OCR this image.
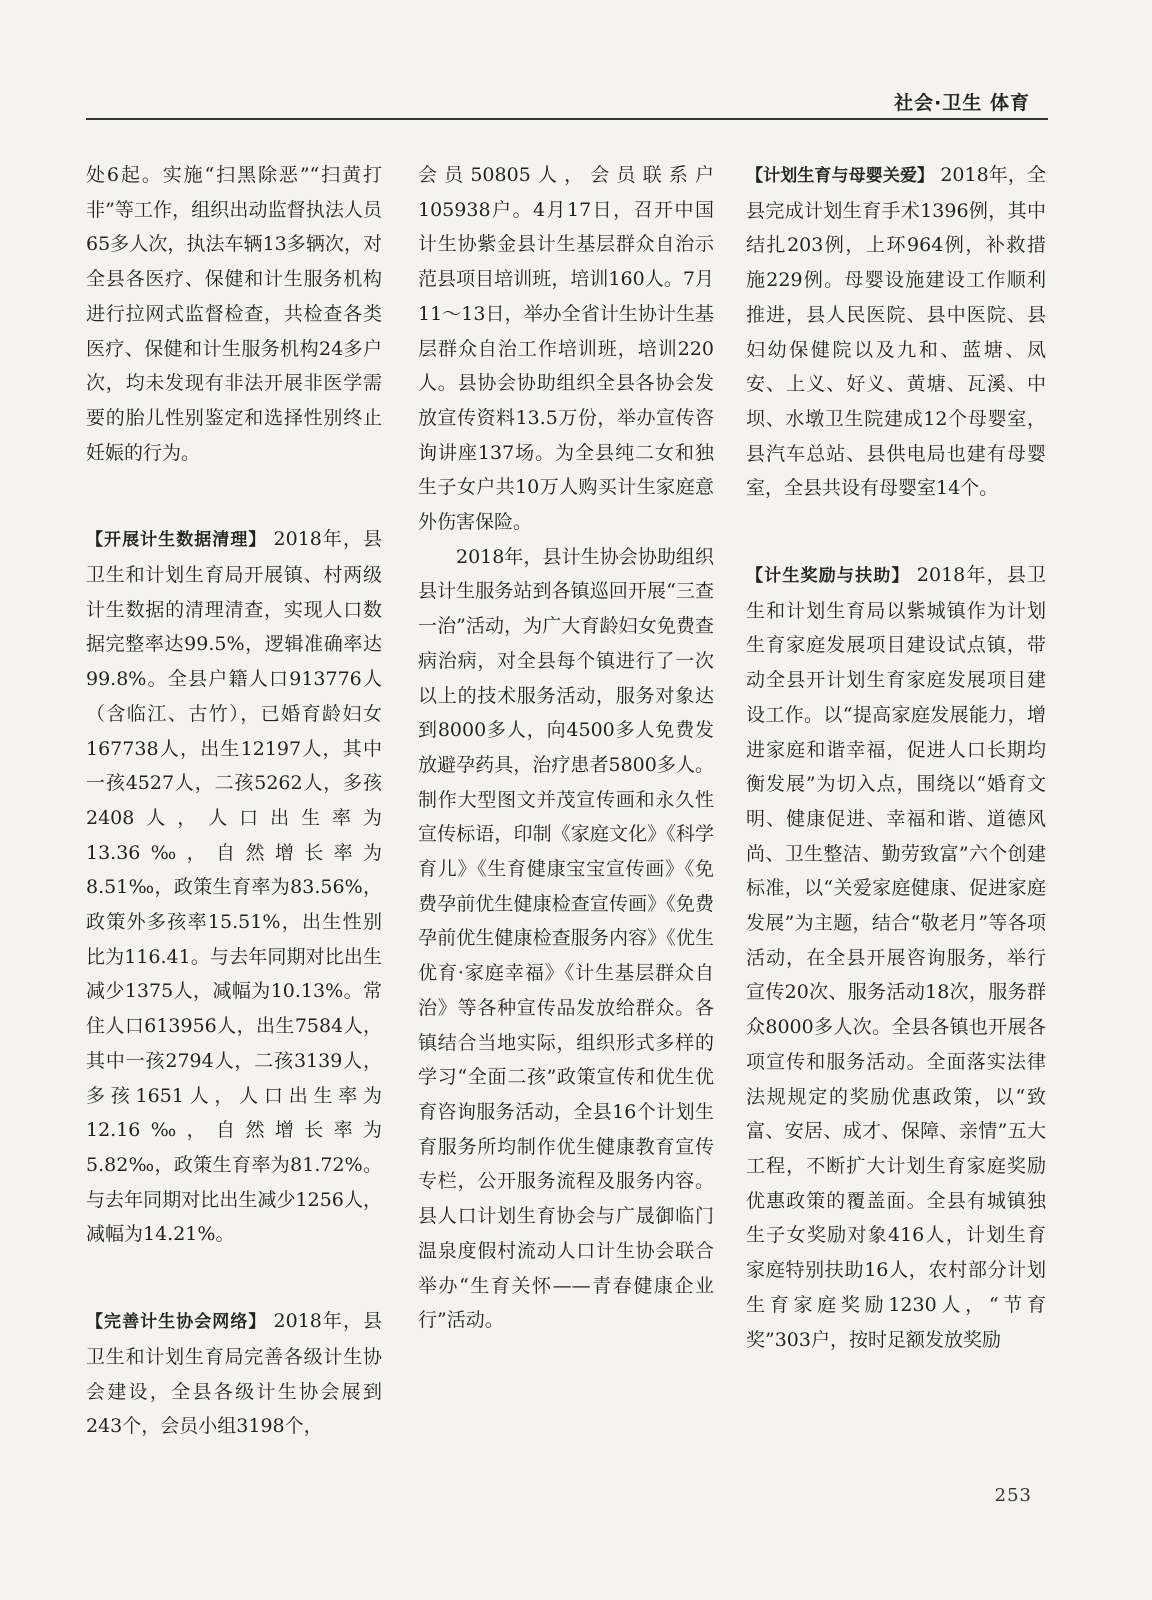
社会·卫生 体育

处6起。实施“扫黑除恶”“扫黄打非”等工作，组织出动监督执法人员65多人次，执法车辆13多辆次，对全县各医疗、保健和计生服务机构进行拉网式监督检查，共检查各类医疗、保健和计生服务机构24多户次，均未发现有非法开展非医学需要的胎儿性别鉴定和选择性别终止妊娠的行为。

【开展计生数据清理】 2018年，县卫生和计划生育局开展镇、村两级计生数据的清理清查，实现人口数据完整率达99.5%，逻辑准确率达99.8%。全县户籍人口913776人（含临江、古竹），已婚育龄妇女167738人，出生12197人，其中一孩4527人，二孩5262人，多孩2408人，人口出生率为13.36‰，自然增长率为8.51‰，政策生育率为83.56%，政策外多孩率15.51%，出生性别比为116.41。与去年同期对比出生减少1375人，减幅为10.13%。常住人口613956人，出生7584人，其中一孩2794人，二孩3139人，多孩1651人，人口出生率为12.16‰，自然增长率为5.82‰，政策生育率为81.72%。与去年同期对比出生减少1256人，减幅为14.21%。

【完善计生协会网络】 2018年，县卫生和计划生育局完善各级计生协会建设，全县各级计生协会展到243个，会员小组3198个，

会员50805人，会员联系户105938户。4月17日，召开中国计生协紫金县计生基层群众自治示范县项目培训班，培训160人。7月11～13日，举办全省计生协计生基层群众自治工作培训班，培训220人。县协会协助组织全县各协会发放宣传资料13.5万份，举办宣传咨询讲座137场。为全县纯二女和独生子女户共10万人购买计生家庭意外伤害保险。

2018年，县计生协会协助组织县计生服务站到各镇巡回开展“三查一治”活动，为广大育龄妇女免费查病治病，对全县每个镇进行了一次以上的技术服务活动，服务对象达到8000多人，向4500多人免费发放避孕药具，治疗患者5800多人。制作大型图文并茂宣传画和永久性宣传标语，印制《家庭文化》《科学育儿》《生育健康宝宝宣传画》《免费孕前优生健康检查宣传画》《免费孕前优生健康检查服务内容》《优生优育·家庭幸福》《计生基层群众自治》等各种宣传品发放给群众。各镇结合当地实际，组织形式多样的学习“全面二孩”政策宣传和优生优育咨询服务活动，全县16个计划生育服务所均制作优生健康教育宣传专栏，公开服务流程及服务内容。县人口计划生育协会与广晟御临门温泉度假村流动人口计生协会联合举办“生育关怀——青春健康企业行”活动。

【计划生育与母婴关爱】 2018年，全县完成计划生育手术1396例，其中结扎203例，上环964例，补救措施229例。母婴设施建设工作顺利推进，县人民医院、县中医院、县妇幼保健院以及九和、蓝塘、凤安、上义、好义、黄塘、瓦溪、中坝、水墩卫生院建成12个母婴室，县汽车总站、县供电局也建有母婴室，全县共设有母婴室14个。

【计生奖励与扶助】 2018年，县卫生和计划生育局以紫城镇作为计划生育家庭发展项目建设试点镇，带动全县开计划生育家庭发展项目建设工作。以“提高家庭发展能力，增进家庭和谐幸福，促进人口长期均衡发展”为切入点，围绕以“婚育文明、健康促进、幸福和谐、道德风尚、卫生整洁、勤劳致富”六个创建标准，以“关爱家庭健康、促进家庭发展”为主题，结合“敬老月”等各项活动，在全县开展咨询服务，举行宣传20次、服务活动18次，服务群众8000多人次。全县各镇也开展各项宣传和服务活动。全面落实法律法规规定的奖励优惠政策，以“致富、安居、成才、保障、亲情”五大工程，不断扩大计划生育家庭奖励优惠政策的覆盖面。全县有城镇独生子女奖励对象416人，计划生育家庭特别扶助16人，农村部分计划生育家庭奖励1230人，“节育奖”303户，按时足额发放奖励

253
